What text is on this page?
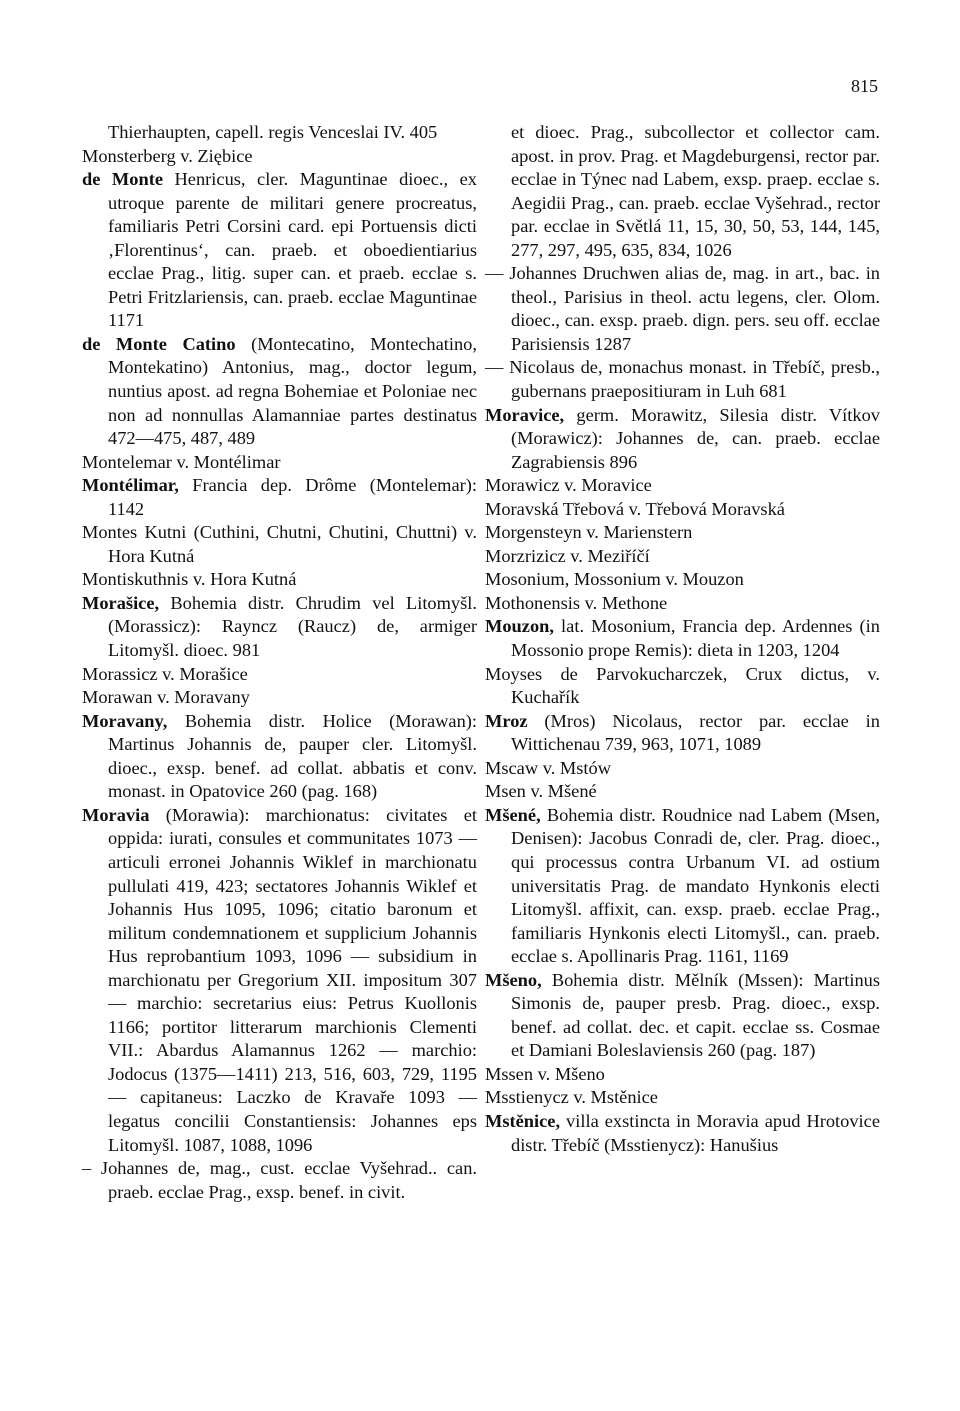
815

Thierhaupten, capell. regis Venceslai IV. 405

Monsterberg v. Ziębice

de Monte Henricus, cler. Maguntinae dioec., ex utroque parente de militari genere procreatus, familiaris Petri Corsini card. epi Portuensis dicti ‚Florentinus‘, can. praeb. et oboedientiarius ecclae Prag., litig. super can. et praeb. ecclae s. Petri Fritzlariensis, can. praeb. ecclae Maguntinae 1171

de Monte Catino (Montecatino, Montechatino, Montekatino) Antonius, mag., doctor legum, nuntius apost. ad regna Bohemiae et Poloniae nec non ad nonnullas Alamanniae partes destinatus 472—475, 487, 489

Montelemar v. Montélimar

Montélimar, Francia dep. Drôme (Montelemar): 1142

Montes Kutni (Cuthini, Chutni, Chutini, Chuttni) v. Hora Kutná

Montiskuthnis v. Hora Kutná

Morašice, Bohemia distr. Chrudim vel Litomyšl. (Morassicz): Rayncz (Raucz) de, armiger Litomyšl. dioec. 981

Morassicz v. Morašice

Morawan v. Moravany

Moravany, Bohemia distr. Holice (Morawan): Martinus Johannis de, pauper cler. Litomyšl. dioec., exsp. benef. ad collat. abbatis et conv. monast. in Opatovice 260 (pag. 168)

Moravia (Morawia): marchionatus: civitates et oppida: iurati, consules et communitates 1073 — articuli erronei Johannis Wiklef in marchionatu pullulati 419, 423; sectatores Johannis Wiklef et Johannis Hus 1095, 1096; citatio baronum et militum condemnationem et supplicium Johannis Hus reprobantium 1093, 1096 — subsidium in marchionatu per Gregorium XII. impositum 307 — marchio: secretarius eius: Petrus Kuollonis 1166; portitor litterarum marchionis Clementi VII.: Abardus Alamannus 1262 — marchio: Jodocus (1375—1411) 213, 516, 603, 729, 1195 — capitaneus: Laczko de Kravaře 1093 — legatus concilii Constantiensis: Johannes eps Litomyšl. 1087, 1088, 1096

– Johannes de, mag., cust. ecclae Vyšehrad.. can. praeb. ecclae Prag., exsp. benef. in civit.

et dioec. Prag., subcollector et collector cam. apost. in prov. Prag. et Magdeburgensi, rector par. ecclae in Týnec nad Labem, exsp. praep. ecclae s. Aegidii Prag., can. praeb. ecclae Vyšehrad., rector par. ecclae in Světlá 11, 15, 30, 50, 53, 144, 145, 277, 297, 495, 635, 834, 1026

— Johannes Druchwen alias de, mag. in art., bac. in theol., Parisius in theol. actu legens, cler. Olom. dioec., can. exsp. praeb. dign. pers. seu off. ecclae Parisiensis 1287

— Nicolaus de, monachus monast. in Třebíč, presb., gubernans praepositiuram in Luh 681

Moravice, germ. Morawitz, Silesia distr. Vítkov (Morawicz): Johannes de, can. praeb. ecclae Zagrabiensis 896

Morawicz v. Moravice

Moravská Třebová v. Třebová Moravská

Morgensteyn v. Marienstern

Morzrizicz v. Meziříčí

Mosonium, Mossonium v. Mouzon

Mothonensis v. Methone

Mouzon, lat. Mosonium, Francia dep. Ardennes (in Mossonio prope Remis): dieta in 1203, 1204

Moyses de Parvokucharczek, Crux dictus, v. Kuchařík

Mroz (Mros) Nicolaus, rector par. ecclae in Wittichenau 739, 963, 1071, 1089

Mscaw v. Mstów

Msen v. Mšené

Mšené, Bohemia distr. Roudnice nad Labem (Msen, Denisen): Jacobus Conradi de, cler. Prag. dioec., qui processus contra Urbanum VI. ad ostium universitatis Prag. de mandato Hynkonis electi Litomyšl. affixit, can. exsp. praeb. ecclae Prag., familiaris Hynkonis electi Litomyšl., can. praeb. ecclae s. Apollinaris Prag. 1161, 1169

Mšeno, Bohemia distr. Mělník (Mssen): Martinus Simonis de, pauper presb. Prag. dioec., exsp. benef. ad collat. dec. et capit. ecclae ss. Cosmae et Damiani Boleslaviensis 260 (pag. 187)

Mssen v. Mšeno

Msstienycz v. Mstěnice

Mstěnice, villa exstincta in Moravia apud Hrotovice distr. Třebíč (Msstienycz): Hanušius
